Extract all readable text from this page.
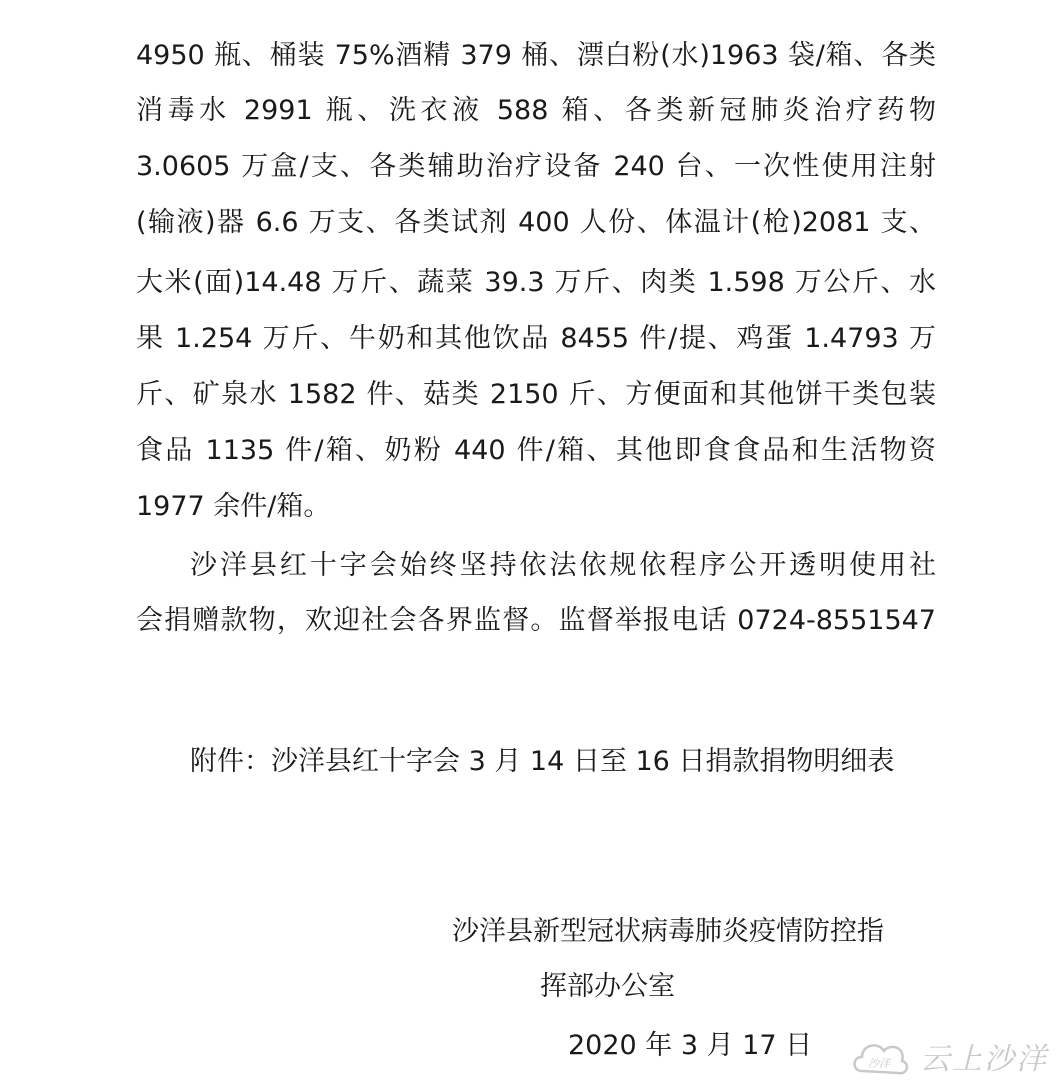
4950 瓶、桶装 75%酒精 379 桶、漂白粉(水)1963 袋/箱、各类
消毒水 2991 瓶、洗衣液 588 箱、各类新冠肺炎治疗药物
3.0605 万盒/支、各类辅助治疗设备 240 台、一次性使用注射
(输液)器 6.6 万支、各类试剂 400 人份、体温计(枪)2081 支、
大米(面)14.48 万斤、蔬菜 39.3 万斤、肉类 1.598 万公斤、水
果 1.254 万斤、牛奶和其他饮品 8455 件/提、鸡蛋 1.4793 万
斤、矿泉水 1582 件、菇类 2150 斤、方便面和其他饼干类包装
食品 1135 件/箱、奶粉 440 件/箱、其他即食食品和生活物资
1977 余件/箱。
沙洋县红十字会始终坚持依法依规依程序公开透明使用社
会捐赠款物，欢迎社会各界监督。监督举报电话 0724-8551547
附件：沙洋县红十字会 3 月 14 日至 16 日捐款捐物明细表
沙洋县新型冠状病毒肺炎疫情防控指
挥部办公室
2020 年 3 月 17 日
沙洋 云上沙洋
